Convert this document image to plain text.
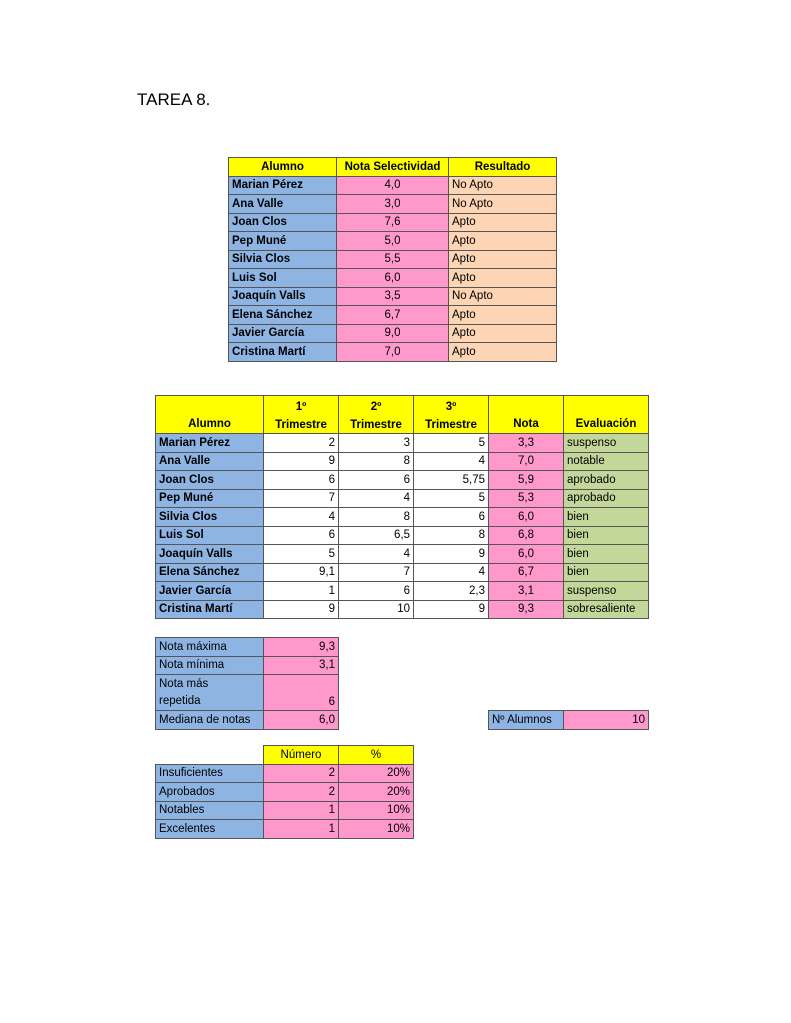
TAREA 8.
Alumno	Nota Selectividad	Resultado
Marian Pérez	4,0	No Apto
Ana Valle	3,0	No Apto
Joan Clos	7,6	Apto
Pep Muné	5,0	Apto
Silvia Clos	5,5	Apto
Luis Sol	6,0	Apto
Joaquín Valls	3,5	No Apto
Elena Sánchez	6,7	Apto
Javier García	9,0	Apto
Cristina Martí	7,0	Apto
Alumno	1º	2º	3º	Nota	Evaluación
	Trimestre	Trimestre	Trimestre		
Marian Pérez	2	3	5	3,3	suspenso
Ana Valle	9	8	4	7,0	notable
Joan Clos	6	6	5,75	5,9	aprobado
Pep Muné	7	4	5	5,3	aprobado
Silvia Clos	4	8	6	6,0	bien
Luis Sol	6	6,5	8	6,8	bien
Joaquín Valls	5	4	9	6,0	bien
Elena Sánchez	9,1	7	4	6,7	bien
Javier García	1	6	2,3	3,1	suspenso
Cristina Martí	9	10	9	9,3	sobresaliente
Nota máxima	9,3			
Nota mínima	3,1			
Nota más
repetida	6			
Mediana de notas	6,0		Nº Alumnos	10
	Número	%
Insuficientes	2	20%
Aprobados	2	20%
Notables	1	10%
Excelentes	1	10%
